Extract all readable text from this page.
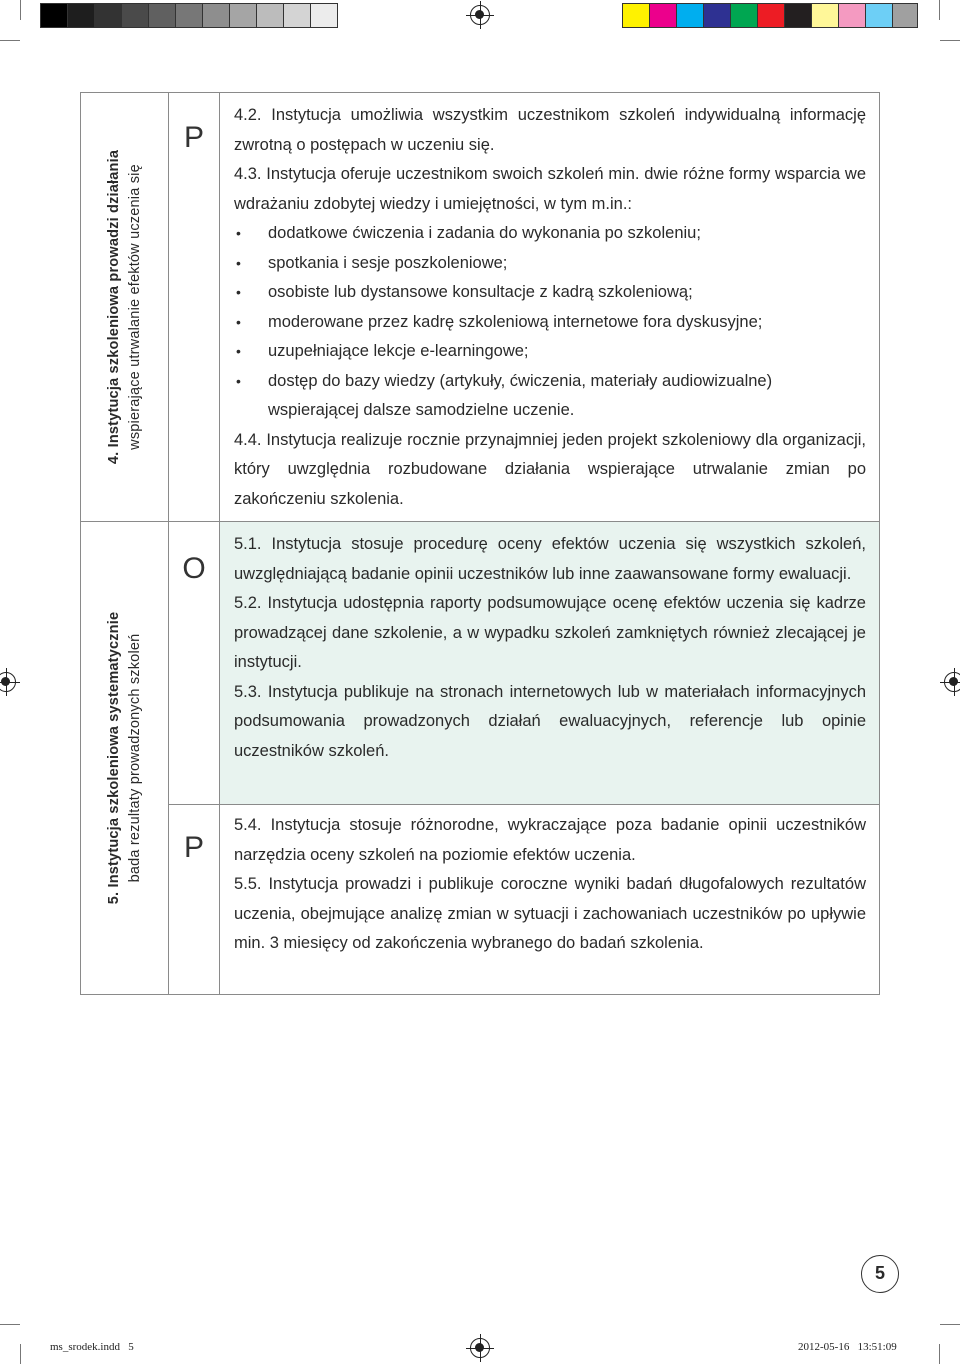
4. Instytucja szkoleniowa prowadzi działania wspierające utrwalanie efektów uczenia się
P

4.2. Instytucja umożliwia wszystkim uczestnikom szkoleń indywidualną informację zwrotną o postępach w uczeniu się.

4.3. Instytucja oferuje uczestnikom swoich szkoleń min. dwie różne formy wsparcia we wdrażaniu zdobytej wiedzy i umiejętności, w tym m.in.:

• dodatkowe ćwiczenia i zadania do wykonania po szkoleniu;
• spotkania i sesje poszkoleniowe;
• osobiste lub dystansowe konsultacje z kadrą szkoleniową;
• moderowane przez kadrę szkoleniową internetowe fora dyskusyjne;
• uzupełniające lekcje e-learningowe;
• dostęp do bazy wiedzy (artykuły, ćwiczenia, materiały audiowizualne) wspierającej dalsze samodzielne uczenie.

4.4. Instytucja realizuje rocznie przynajmniej jeden projekt szkoleniowy dla organizacji, który uwzględnia rozbudowane działania wspierające utrwalanie zmian po zakończeniu szkolenia.

5. Instytucja szkoleniowa systematycznie bada rezultaty prowadzonych szkoleń
O

5.1. Instytucja stosuje procedurę oceny efektów uczenia się wszystkich szkoleń, uwzględniającą badanie opinii uczestników lub inne zaawansowane formy ewaluacji.

5.2. Instytucja udostępnia raporty podsumowujące ocenę efektów uczenia się kadrze prowadzącej dane szkolenie, a w wypadku szkoleń zamkniętych również zlecającej je instytucji.

5.3. Instytucja publikuje na stronach internetowych lub w materiałach informacyjnych podsumowania prowadzonych działań ewaluacyjnych, referencje lub opinie uczestników szkoleń.

P

5.4. Instytucja stosuje różnorodne, wykraczające poza badanie opinii uczestników narzędzia oceny szkoleń na poziomie efektów uczenia.

5.5. Instytucja prowadzi i publikuje coroczne wyniki badań długofalowych rezultatów uczenia, obejmujące analizę zmian w sytuacji i zachowaniach uczestników po upływie min. 3 miesięcy od zakończenia wybranego do badań szkolenia.

5
ms_srodek.indd   5	2012-05-16   13:51:09
